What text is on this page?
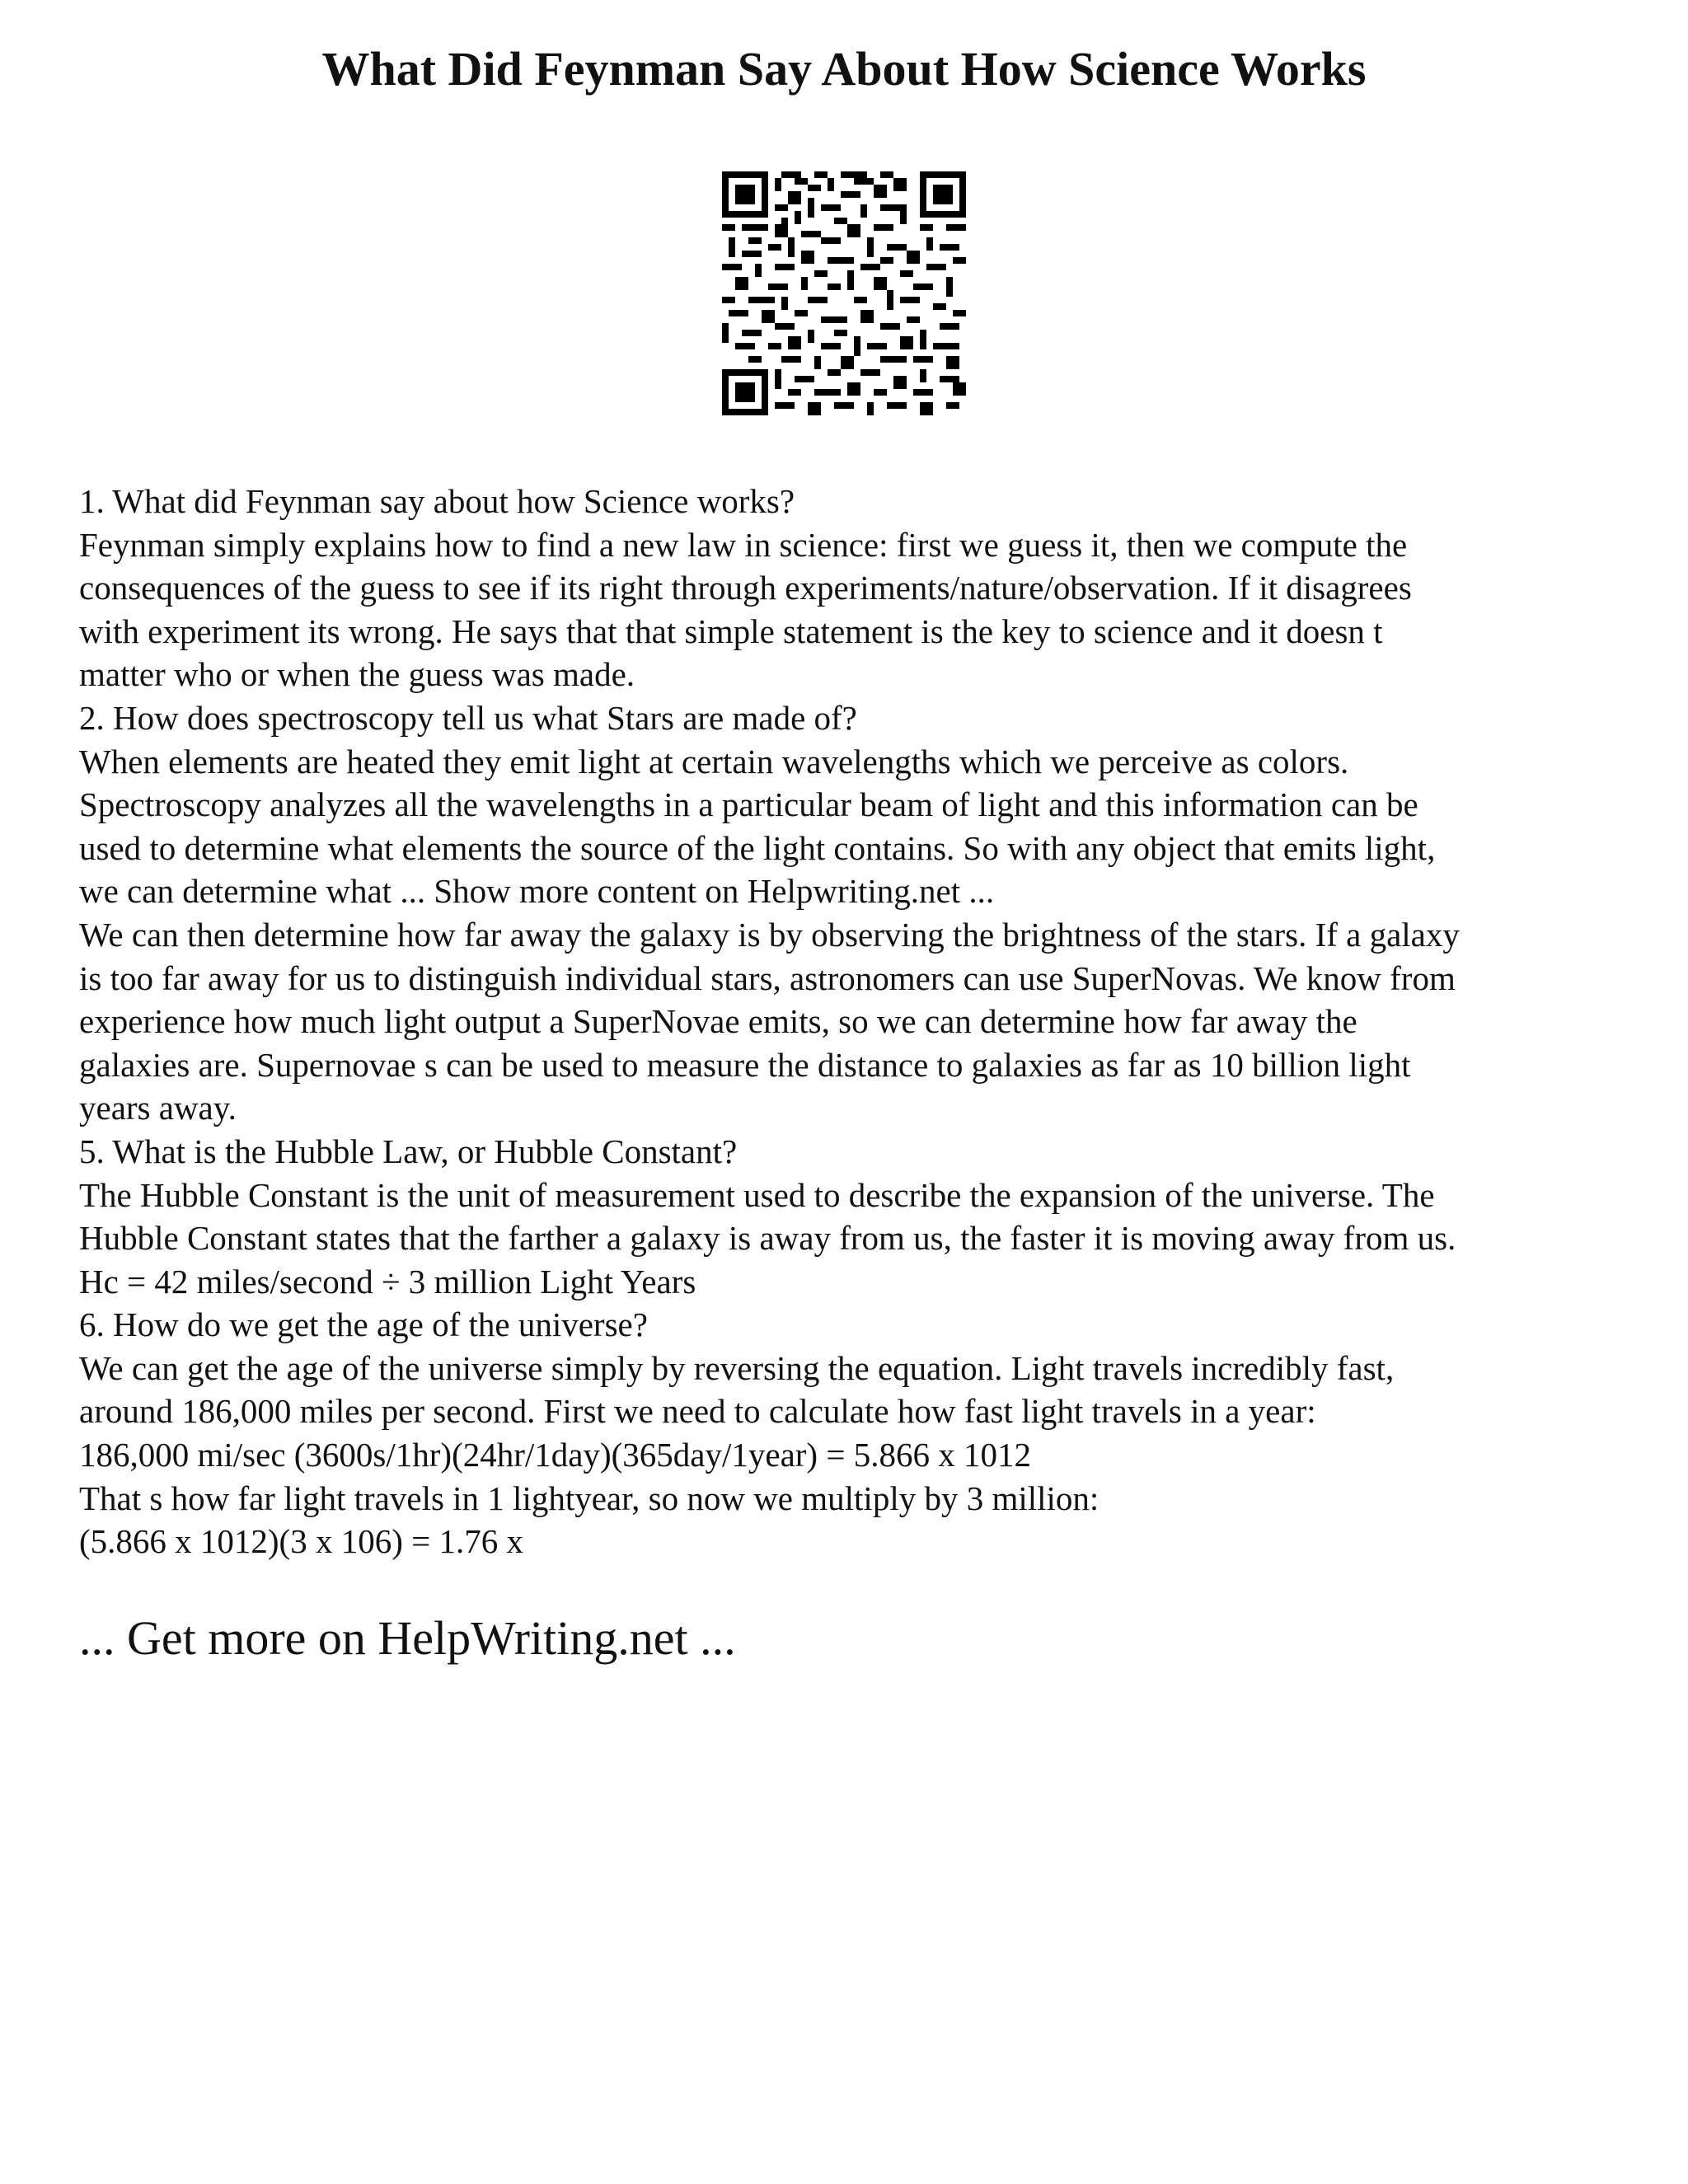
What Did Feynman Say About How Science Works
1. What did Feynman say about how Science works?
Feynman simply explains how to find a new law in science: first we guess it, then we compute the
consequences of the guess to see if its right through experiments/nature/observation. If it disagrees
with experiment its wrong. He says that that simple statement is the key to science and it doesn t
matter who or when the guess was made.
2. How does spectroscopy tell us what Stars are made of?
When elements are heated they emit light at certain wavelengths which we perceive as colors.
Spectroscopy analyzes all the wavelengths in a particular beam of light and this information can be
used to determine what elements the source of the light contains. So with any object that emits light,
we can determine what ... Show more content on Helpwriting.net ...
We can then determine how far away the galaxy is by observing the brightness of the stars. If a galaxy
is too far away for us to distinguish individual stars, astronomers can use SuperNovas. We know from
experience how much light output a SuperNovae emits, so we can determine how far away the
galaxies are. Supernovae s can be used to measure the distance to galaxies as far as 10 billion light
years away.
5. What is the Hubble Law, or Hubble Constant?
The Hubble Constant is the unit of measurement used to describe the expansion of the universe. The
Hubble Constant states that the farther a galaxy is away from us, the faster it is moving away from us.
Hc = 42 miles/second ÷ 3 million Light Years
6. How do we get the age of the universe?
We can get the age of the universe simply by reversing the equation. Light travels incredibly fast,
around 186,000 miles per second. First we need to calculate how fast light travels in a year:
186,000 mi/sec (3600s/1hr)(24hr/1day)(365day/1year) = 5.866 x 1012
That s how far light travels in 1 lightyear, so now we multiply by 3 million:
(5.866 x 1012)(3 x 106) = 1.76 x
... Get more on HelpWriting.net ...
